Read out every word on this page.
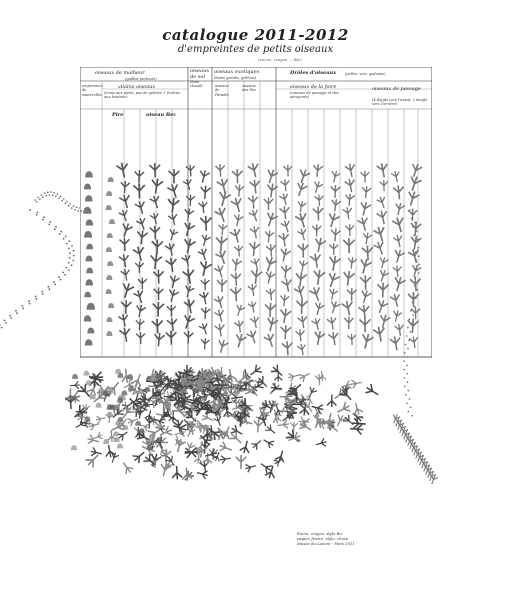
catalogue 2011-2012
d'empreintes de petits oiseaux
(encre, crayon ... Bic)
oiseaux de malheur
(gadbis porteurs)
oiseaux de sol
(bain chaud)
oiseaux exotiques
(bains gardés, grillons)
Drôles d'oiseaux (pelles, vies, godemis)
vilains oiseaux
(trous aux pieds, pas de pelotes + feutres aux boutons)
oiseaux de Paradis
oiseaux des îles
oiseaux de la foire
(oiseaux de passage et des aéroports)
oiseaux de passage
(4 doigts vers l'avant, 2 doigts vers l'arrière)
Pire	oiseau Bec
empreintes de sauterelles
Encre, crayon, stylo Bic
papier, feutre, stylo, chose
Musée du Louvre - Paris 2011
